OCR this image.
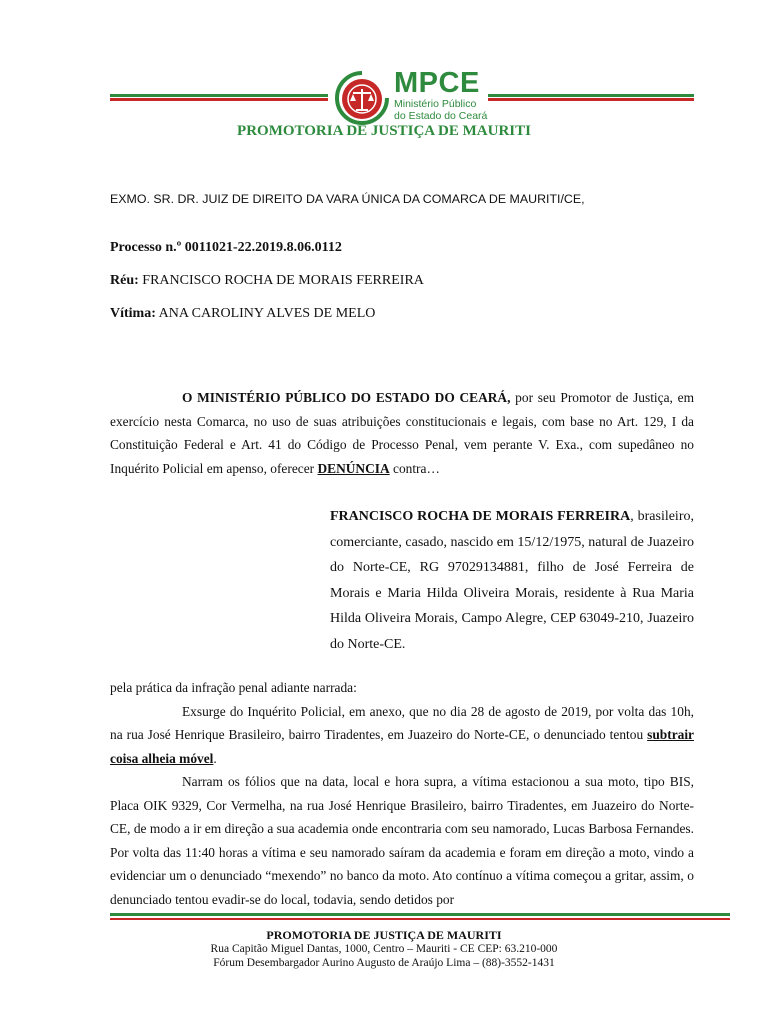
MPCE
Ministério Público
do Estado do Ceará
PROMOTORIA DE JUSTIÇA DE MAURITI
EXMO. SR. DR. JUIZ DE DIREITO DA VARA ÚNICA DA COMARCA DE MAURITI/CE,
Processo n.º 0011021-22.2019.8.06.0112
Réu: FRANCISCO ROCHA DE MORAIS FERREIRA
Vítima: ANA CAROLINY ALVES DE MELO

O MINISTÉRIO PÚBLICO DO ESTADO DO CEARÁ, por seu Promotor de Justiça, em exercício nesta Comarca, no uso de suas atribuições constitucionais e legais, com base no Art. 129, I da Constituição Federal e Art. 41 do Código de Processo Penal, vem perante V. Exa., com supedâneo no Inquérito Policial em apenso, oferecer DENÚNCIA contra…

FRANCISCO ROCHA DE MORAIS FERREIRA, brasileiro, comerciante, casado, nascido em 15/12/1975, natural de Juazeiro do Norte-CE, RG 97029134881, filho de José Ferreira de Morais e Maria Hilda Oliveira Morais, residente à Rua Maria Hilda Oliveira Morais, Campo Alegre, CEP 63049-210, Juazeiro do Norte-CE.

pela prática da infração penal adiante narrada:

Exsurge do Inquérito Policial, em anexo, que no dia 28 de agosto de 2019, por volta das 10h, na rua José Henrique Brasileiro, bairro Tiradentes, em Juazeiro do Norte-CE, o denunciado tentou subtrair coisa alheia móvel.

Narram os fólios que na data, local e hora supra, a vítima estacionou a sua moto, tipo BIS, Placa OIK 9329, Cor Vermelha, na rua José Henrique Brasileiro, bairro Tiradentes, em Juazeiro do Norte-CE, de modo a ir em direção a sua academia onde encontraria com seu namorado, Lucas Barbosa Fernandes. Por volta das 11:40 horas a vítima e seu namorado saíram da academia e foram em direção a moto, vindo a evidenciar um o denunciado “mexendo” no banco da moto. Ato contínuo a vítima começou a gritar, assim, o denunciado tentou evadir-se do local, todavia, sendo detidos por

PROMOTORIA DE JUSTIÇA DE MAURITI
Rua Capitão Miguel Dantas, 1000, Centro – Mauriti - CE CEP: 63.210-000
Fórum Desembargador Aurino Augusto de Araújo Lima – (88)-3552-1431
